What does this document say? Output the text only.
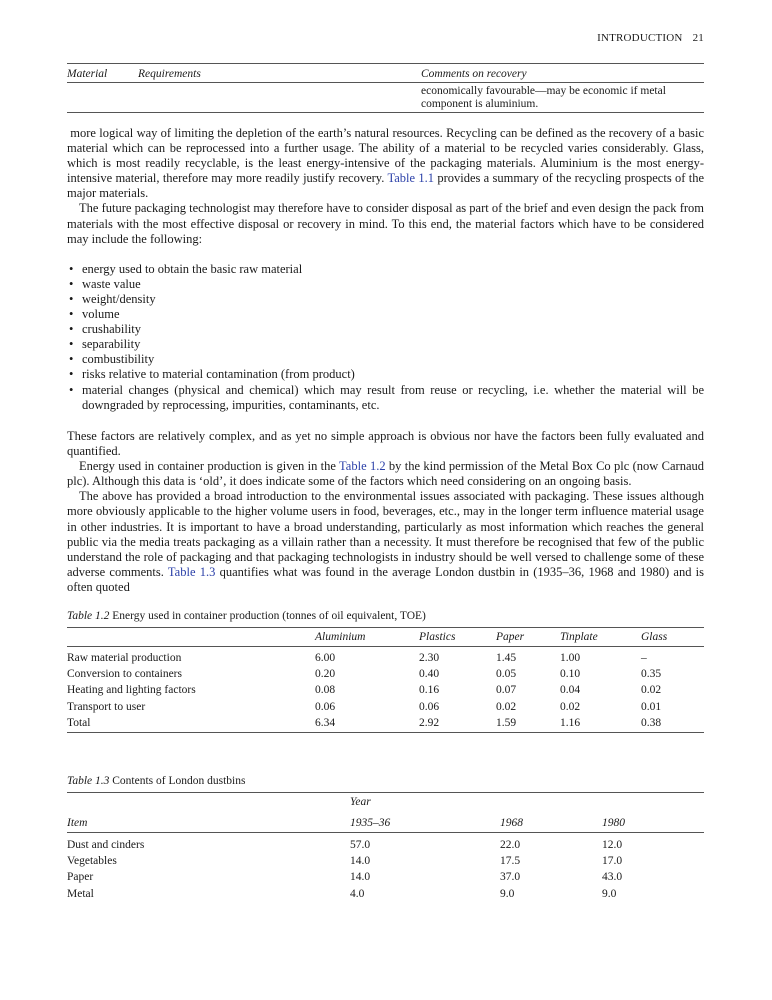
INTRODUCTION 21
Material	Requirements	Comments on recovery
		economically favourable—may be economic if metal component is aluminium.

more logical way of limiting the depletion of the earth’s natural resources. Recycling can be defined as the recovery of a basic material which can be reprocessed into a further usage. The ability of a material to be recycled varies considerably. Glass, which is most readily recyclable, is the least energy-intensive of the packaging materials. Aluminium is the most energy-intensive material, therefore may more readily justify recovery. Table 1.1 provides a summary of the recycling prospects of the major materials.

The future packaging technologist may therefore have to consider disposal as part of the brief and even design the pack from materials with the most effective disposal or recovery in mind. To this end, the material factors which have to be considered may include the following:

• energy used to obtain the basic raw material
• waste value
• weight/density
• volume
• crushability
• separability
• combustibility
• risks relative to material contamination (from product)
• material changes (physical and chemical) which may result from reuse or recycling, i.e. whether the material will be downgraded by reprocessing, impurities, contaminants, etc.

These factors are relatively complex, and as yet no simple approach is obvious nor have the factors been fully evaluated and quantified.

Energy used in container production is given in the Table 1.2 by the kind permission of the Metal Box Co plc (now Carnaud plc). Although this data is ‘old’, it does indicate some of the factors which need considering on an ongoing basis.

The above has provided a broad introduction to the environmental issues associated with packaging. These issues although more obviously applicable to the higher volume users in food, beverages, etc., may in the longer term influence material usage in other industries. It is important to have a broad understanding, particularly as most information which reaches the general public via the media treats packaging as a villain rather than a necessity. It must therefore be recognised that few of the public understand the role of packaging and that packaging technologists in industry should be well versed to challenge some of these adverse comments. Table 1.3 quantifies what was found in the average London dustbin in (1935–36, 1968 and 1980) and is often quoted

Table 1.2 Energy used in container production (tonnes of oil equivalent, TOE)
	Aluminium	Plastics	Paper	Tinplate	Glass
Raw material production	6.00	2.30	1.45	1.00	–
Conversion to containers	0.20	0.40	0.05	0.10	0.35
Heating and lighting factors	0.08	0.16	0.07	0.04	0.02
Transport to user	0.06	0.06	0.02	0.02	0.01
Total	6.34	2.92	1.59	1.16	0.38
Table 1.3 Contents of London dustbins
	Year		
Item	1935–36	1968	1980
Dust and cinders	57.0	22.0	12.0
Vegetables	14.0	17.5	17.0
Paper	14.0	37.0	43.0
Metal	4.0	9.0	9.0
